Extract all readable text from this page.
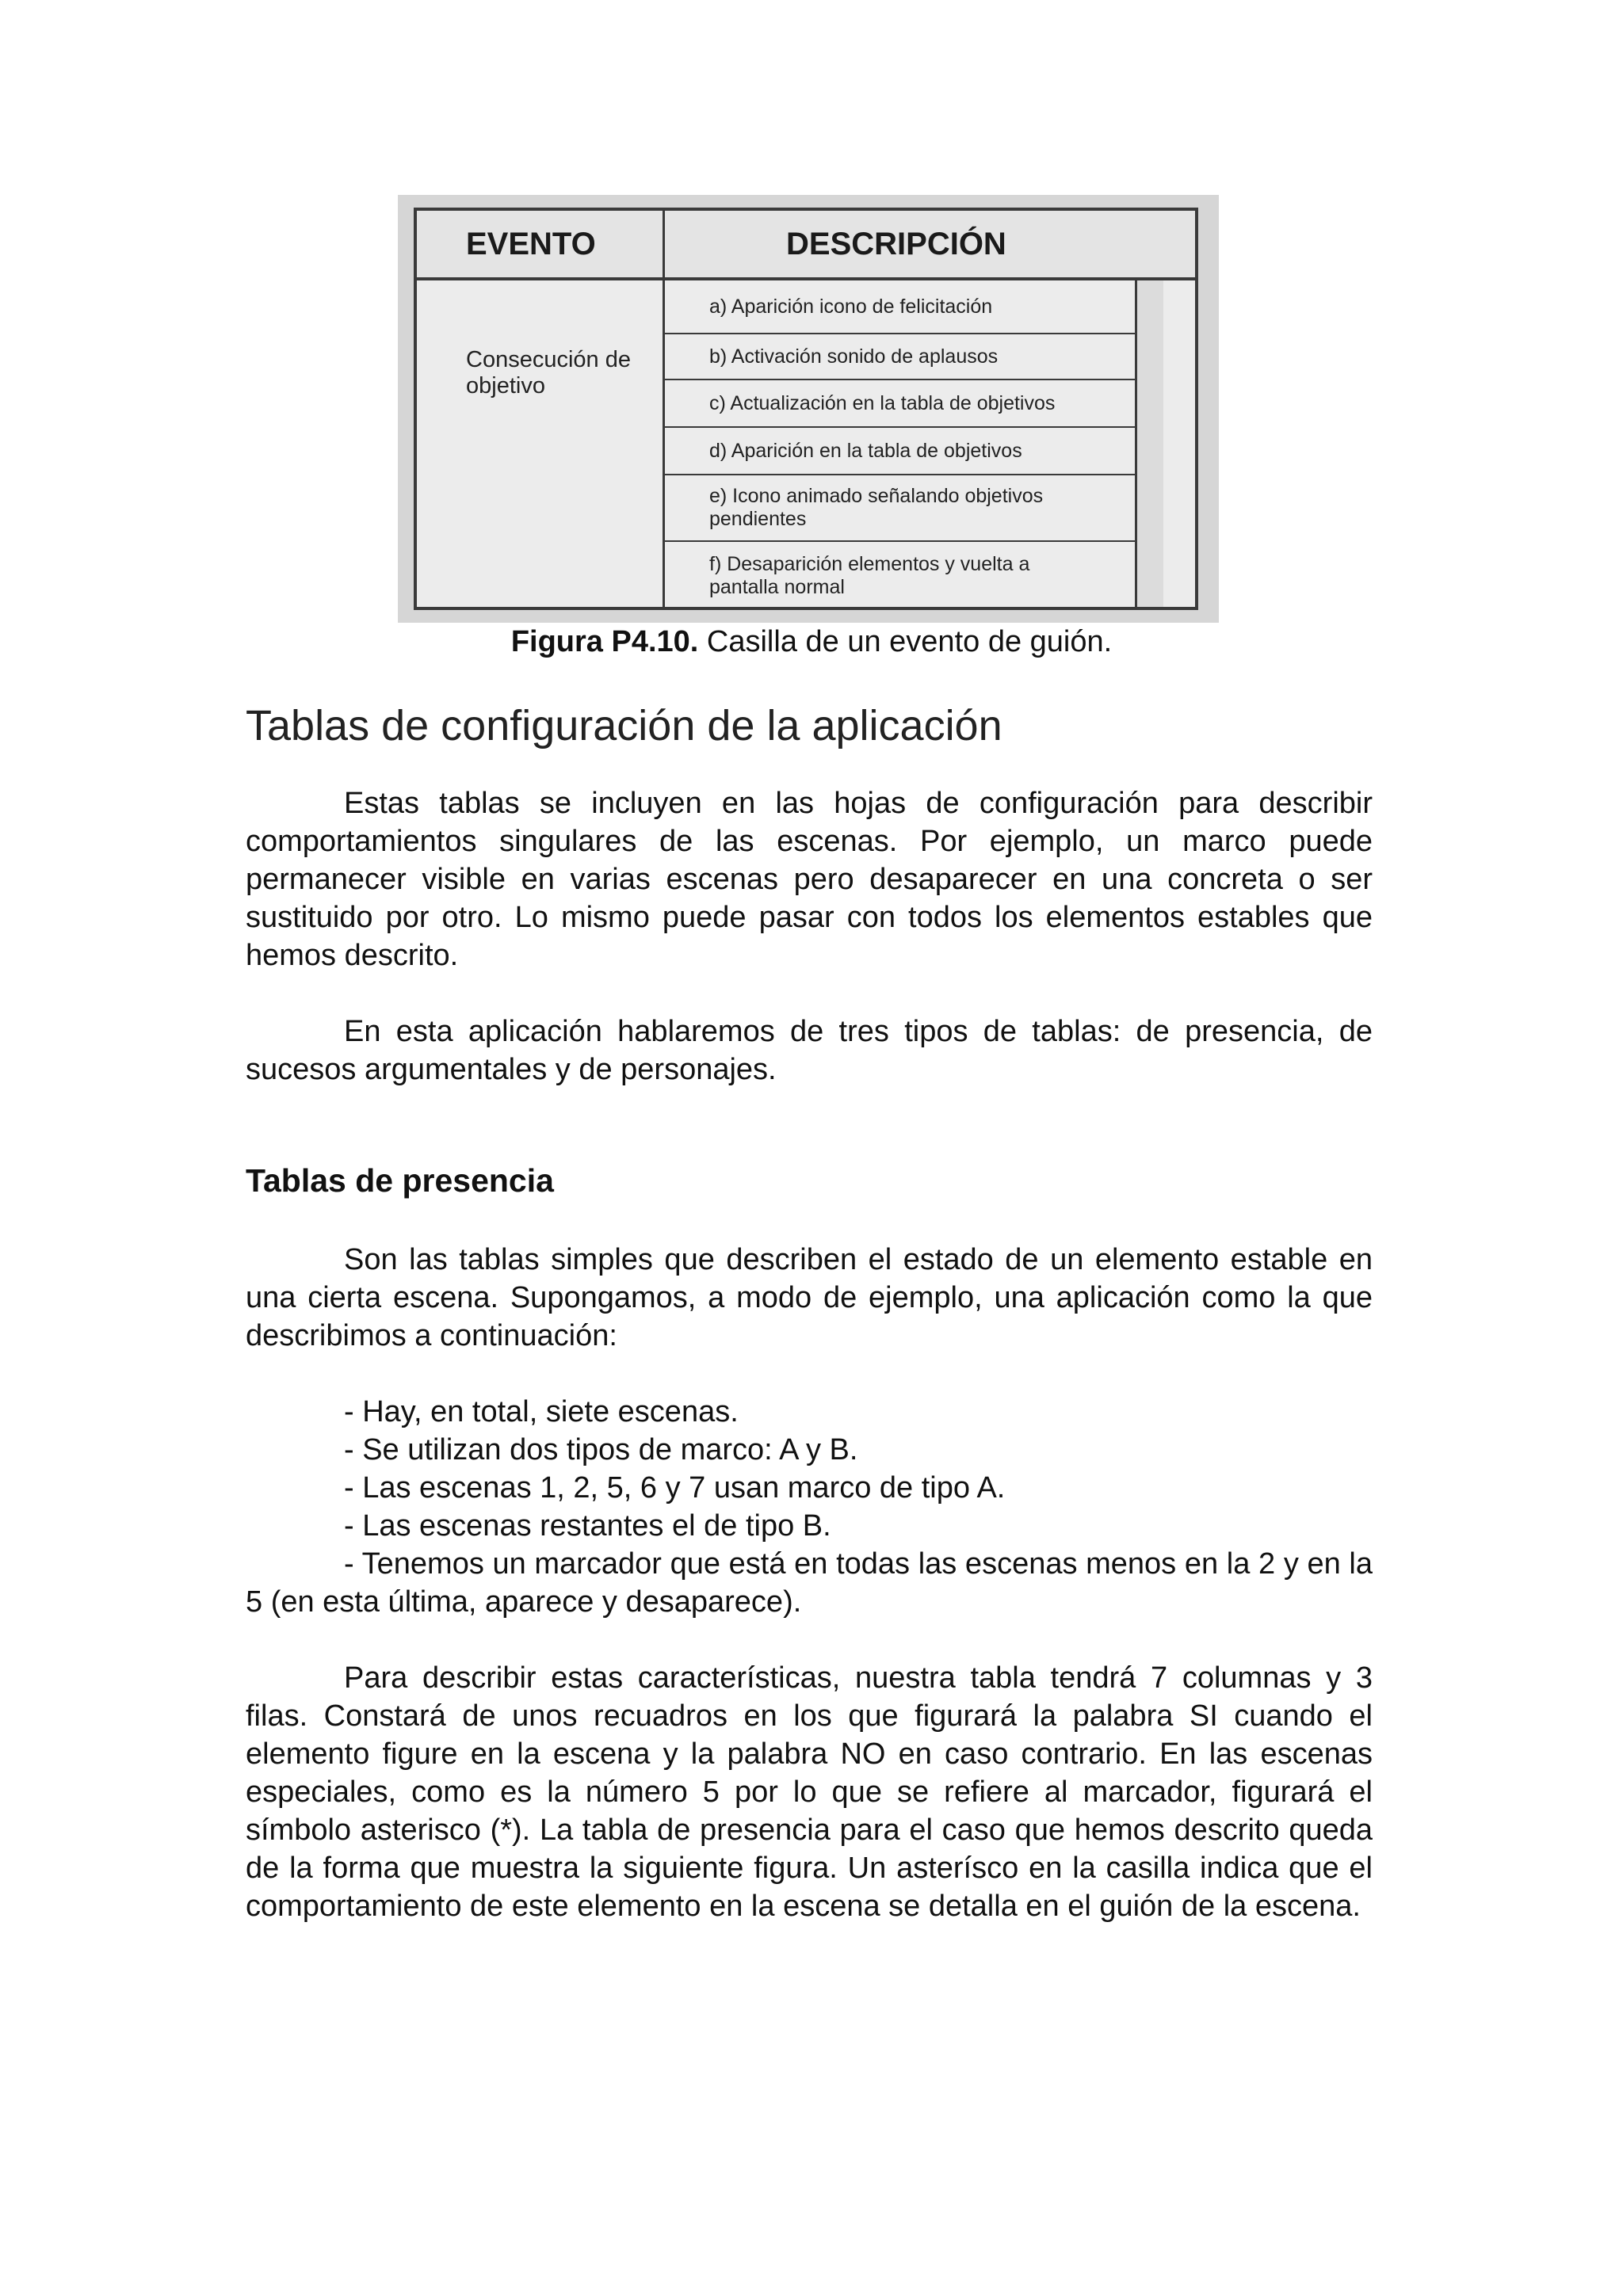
EVENTO	DESCRIPCIÓN
Consecución de objetivo
a) Aparición icono de felicitación
b) Activación sonido de aplausos
c) Actualización en la tabla de objetivos
d) Aparición en la tabla de objetivos
e) Icono animado señalando objetivos pendientes
f) Desaparición elementos y vuelta a pantalla normal
Figura P4.10. Casilla de un evento de guión.
Tablas de configuración de la aplicación
Estas tablas se incluyen en las hojas de configuración para describir comportamientos singulares de las escenas. Por ejemplo, un marco puede permanecer visible en varias escenas pero desaparecer en una concreta o ser sustituido por otro. Lo mismo puede pasar con todos los elementos estables que hemos descrito.
En esta aplicación hablaremos de tres tipos de tablas: de presencia, de sucesos argumentales y de personajes.
Tablas de presencia
Son las tablas simples que describen el estado de un elemento estable en una cierta escena. Supongamos, a modo de ejemplo, una aplicación como la que describimos a continuación:
- Hay, en total, siete escenas.
- Se utilizan dos tipos de marco: A y B.
- Las escenas 1, 2, 5, 6 y 7 usan marco de tipo A.
- Las escenas restantes el de tipo B.
- Tenemos un marcador que está en todas las escenas menos en la 2 y en la 5 (en esta última, aparece y desaparece).
Para describir estas características, nuestra tabla tendrá 7 columnas y 3 filas. Constará de unos recuadros en los que figurará la palabra SI cuando el elemento figure en la escena y la palabra NO en caso contrario. En las escenas especiales, como es la número 5 por lo que se refiere al marcador, figurará el símbolo asterisco (*). La tabla de presencia para el caso que hemos descrito queda de la forma que muestra la siguiente figura. Un asterísco en la casilla indica que el comportamiento de este elemento en la escena se detalla en el guión de la escena.
